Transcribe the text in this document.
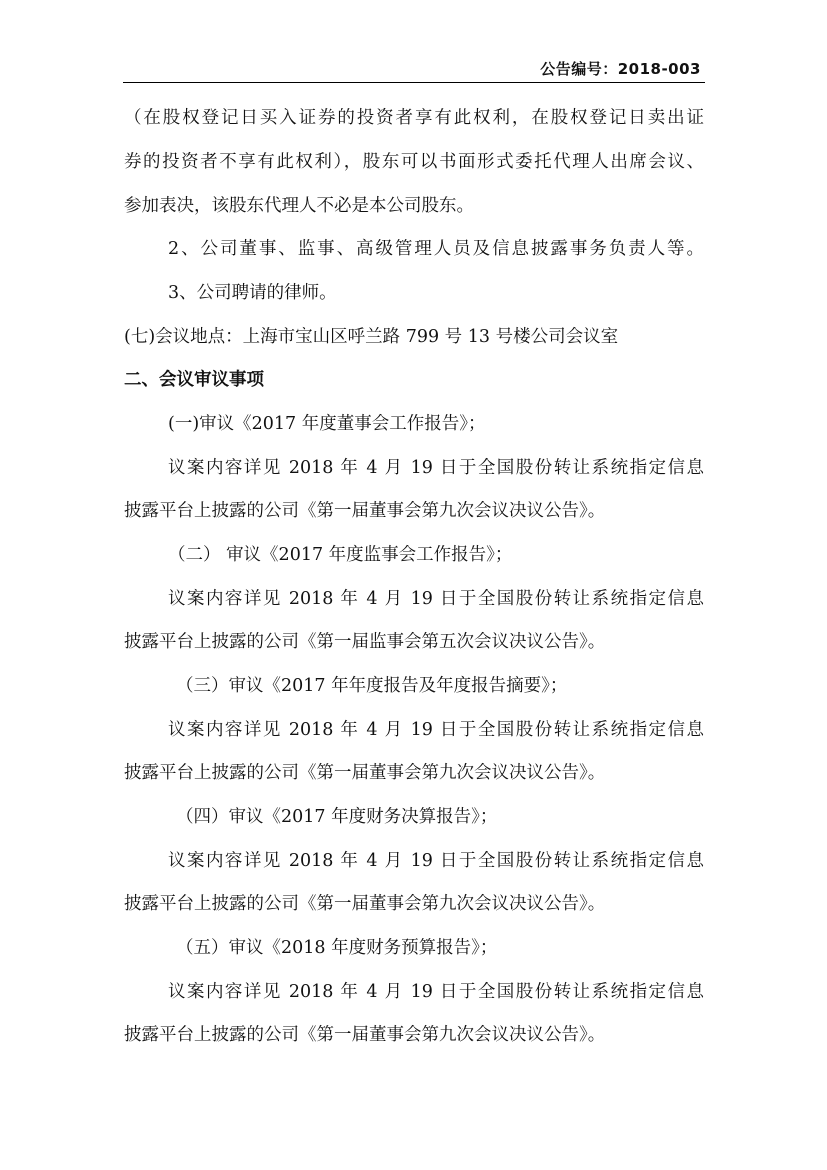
公告编号：2018-003
（在股权登记日买入证券的投资者享有此权利，在股权登记日卖出证
券的投资者不享有此权利），股东可以书面形式委托代理人出席会议、
参加表决，该股东代理人不必是本公司股东。
2、公司董事、监事、高级管理人员及信息披露事务负责人等。
3、公司聘请的律师。
(七)会议地点：上海市宝山区呼兰路 799 号 13 号楼公司会议室
二、会议审议事项
(一)审议《2017 年度董事会工作报告》；
议案内容详见 2018 年 4 月 19 日于全国股份转让系统指定信息
披露平台上披露的公司《第一届董事会第九次会议决议公告》。
（二） 审议《2017 年度监事会工作报告》；
议案内容详见 2018 年 4 月 19 日于全国股份转让系统指定信息
披露平台上披露的公司《第一届监事会第五次会议决议公告》。
（三）审议《2017 年年度报告及年度报告摘要》；
议案内容详见 2018 年 4 月 19 日于全国股份转让系统指定信息
披露平台上披露的公司《第一届董事会第九次会议决议公告》。
（四）审议《2017 年度财务决算报告》；
议案内容详见 2018 年 4 月 19 日于全国股份转让系统指定信息
披露平台上披露的公司《第一届董事会第九次会议决议公告》。
（五）审议《2018 年度财务预算报告》；
议案内容详见 2018 年 4 月 19 日于全国股份转让系统指定信息
披露平台上披露的公司《第一届董事会第九次会议决议公告》。
